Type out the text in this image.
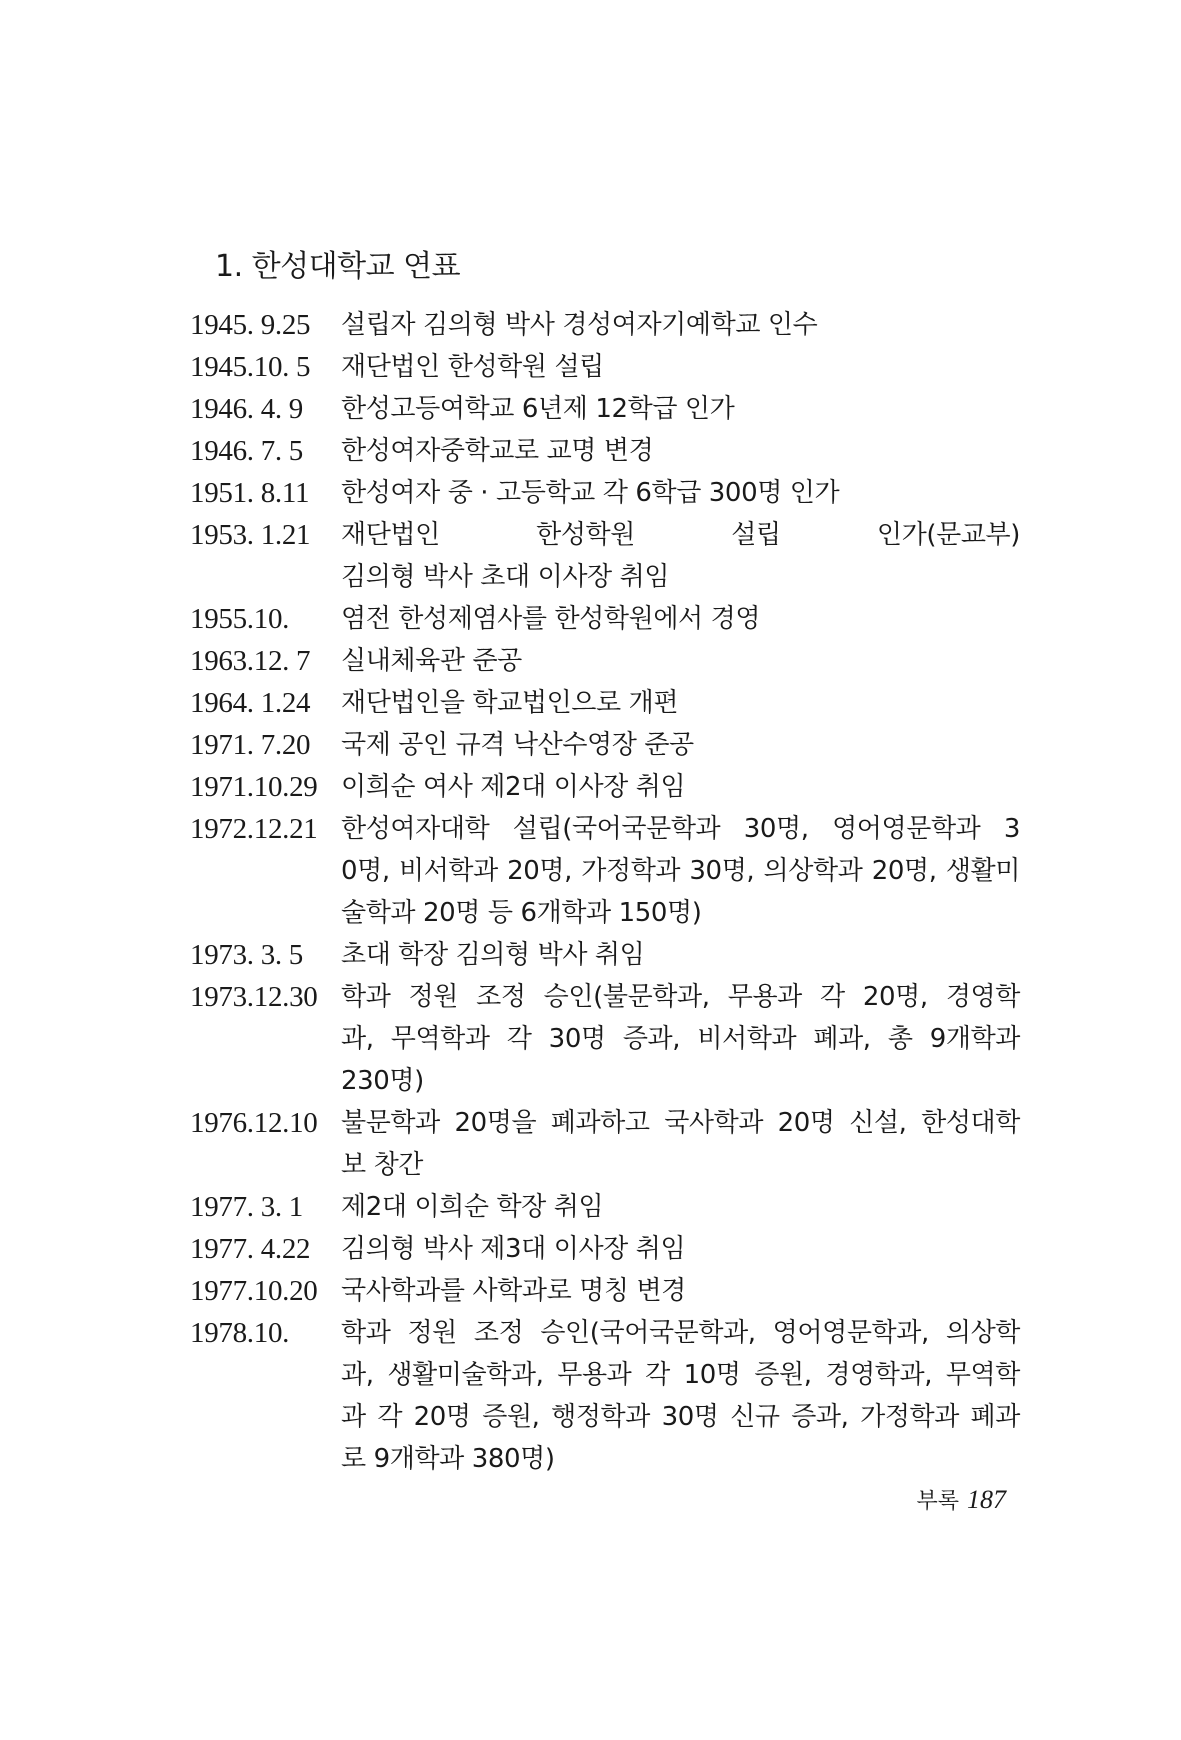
1. 한성대학교 연표
1945. 9.25	설립자 김의형 박사 경성여자기예학교 인수
1945.10. 5	재단법인 한성학원 설립
1946. 4. 9	한성고등여학교 6년제 12학급 인가
1946. 7. 5	한성여자중학교로 교명 변경
1951. 8.11	한성여자 중 · 고등학교 각 6학급 300명 인가
1953. 1.21	재단법인 한성학원 설립 인가(문교부)
김의형 박사 초대 이사장 취임
1955.10.	염전 한성제염사를 한성학원에서 경영
1963.12. 7	실내체육관 준공
1964. 1.24	재단법인을 학교법인으로 개편
1971. 7.20	국제 공인 규격 낙산수영장 준공
1971.10.29 이희순 여사 제2대 이사장 취임
1972.12.21 한성여자대학 설립(국어국문학과 30명, 영어영문학과 3
0명, 비서학과 20명, 가정학과 30명, 의상학과 20명, 생활미
술학과 20명 등 6개학과 150명)
1973. 3. 5	초대 학장 김의형 박사 취임
1973.12.30 학과 정원 조정 승인(불문학과, 무용과 각 20명, 경영학
과, 무역학과 각 30명 증과, 비서학과 폐과, 총 9개학과
230명)
1976.12.10 불문학과 20명을 폐과하고 국사학과 20명 신설, 한성대학
보 창간
1977. 3. 1	제2대 이희순 학장 취임
1977. 4.22	김의형 박사 제3대 이사장 취임
1977.10.20 국사학과를 사학과로 명칭 변경
1978.10.	학과 정원 조정 승인(국어국문학과, 영어영문학과, 의상학
과, 생활미술학과, 무용과 각 10명 증원, 경영학과, 무역학
과 각 20명 증원, 행정학과 30명 신규 증과, 가정학과 폐과
로 9개학과 380명)
부록 187
